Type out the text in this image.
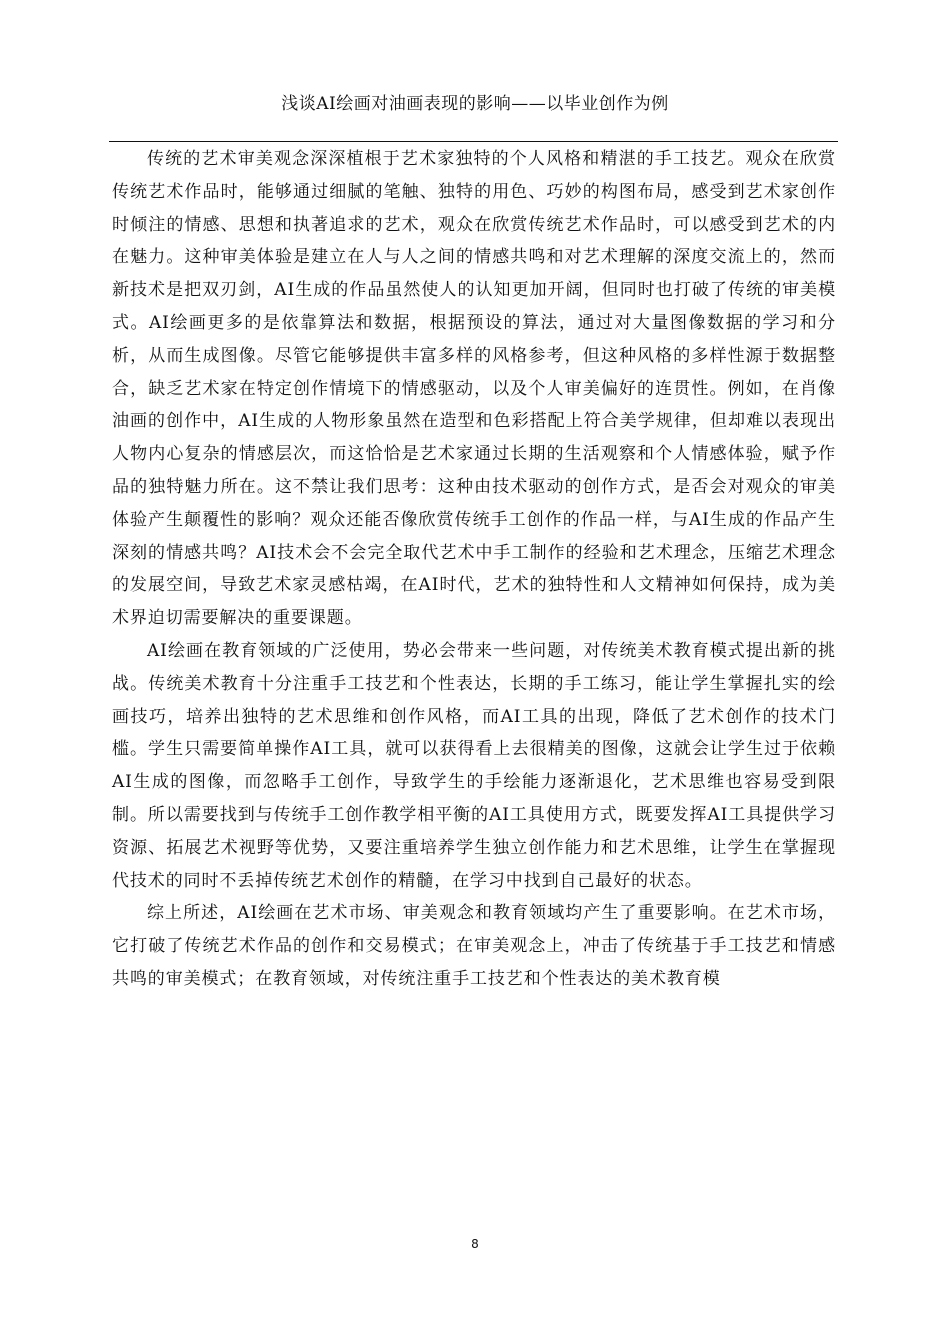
浅谈AI绘画对油画表现的影响——以毕业创作为例

传统的艺术审美观念深深植根于艺术家独特的个人风格和精湛的手工技艺。观众在欣赏传统艺术作品时，能够通过细腻的笔触、独特的用色、巧妙的构图布局，感受到艺术家创作时倾注的情感、思想和执著追求的艺术，观众在欣赏传统艺术作品时，可以感受到艺术的内在魅力。这种审美体验是建立在人与人之间的情感共鸣和对艺术理解的深度交流上的，然而新技术是把双刃剑，AI生成的作品虽然使人的认知更加开阔，但同时也打破了传统的审美模式。AI绘画更多的是依靠算法和数据，根据预设的算法，通过对大量图像数据的学习和分析，从而生成图像。尽管它能够提供丰富多样的风格参考，但这种风格的多样性源于数据整合，缺乏艺术家在特定创作情境下的情感驱动，以及个人审美偏好的连贯性。例如，在肖像油画的创作中，AI生成的人物形象虽然在造型和色彩搭配上符合美学规律，但却难以表现出人物内心复杂的情感层次，而这恰恰是艺术家通过长期的生活观察和个人情感体验，赋予作品的独特魅力所在。这不禁让我们思考：这种由技术驱动的创作方式，是否会对观众的审美体验产生颠覆性的影响？观众还能否像欣赏传统手工创作的作品一样，与AI生成的作品产生深刻的情感共鸣？AI技术会不会完全取代艺术中手工制作的经验和艺术理念，压缩艺术理念的发展空间，导致艺术家灵感枯竭，在AI时代，艺术的独特性和人文精神如何保持，成为美术界迫切需要解决的重要课题。

AI绘画在教育领域的广泛使用，势必会带来一些问题，对传统美术教育模式提出新的挑战。传统美术教育十分注重手工技艺和个性表达，长期的手工练习，能让学生掌握扎实的绘画技巧，培养出独特的艺术思维和创作风格，而AI工具的出现，降低了艺术创作的技术门槛。学生只需要简单操作AI工具，就可以获得看上去很精美的图像，这就会让学生过于依赖AI生成的图像，而忽略手工创作，导致学生的手绘能力逐渐退化，艺术思维也容易受到限制。所以需要找到与传统手工创作教学相平衡的AI工具使用方式，既要发挥AI工具提供学习资源、拓展艺术视野等优势，又要注重培养学生独立创作能力和艺术思维，让学生在掌握现代技术的同时不丢掉传统艺术创作的精髓，在学习中找到自己最好的状态。

综上所述，AI绘画在艺术市场、审美观念和教育领域均产生了重要影响。在艺术市场，它打破了传统艺术作品的创作和交易模式；在审美观念上，冲击了传统基于手工技艺和情感共鸣的审美模式；在教育领域，对传统注重手工技艺和个性表达的美术教育模

8
